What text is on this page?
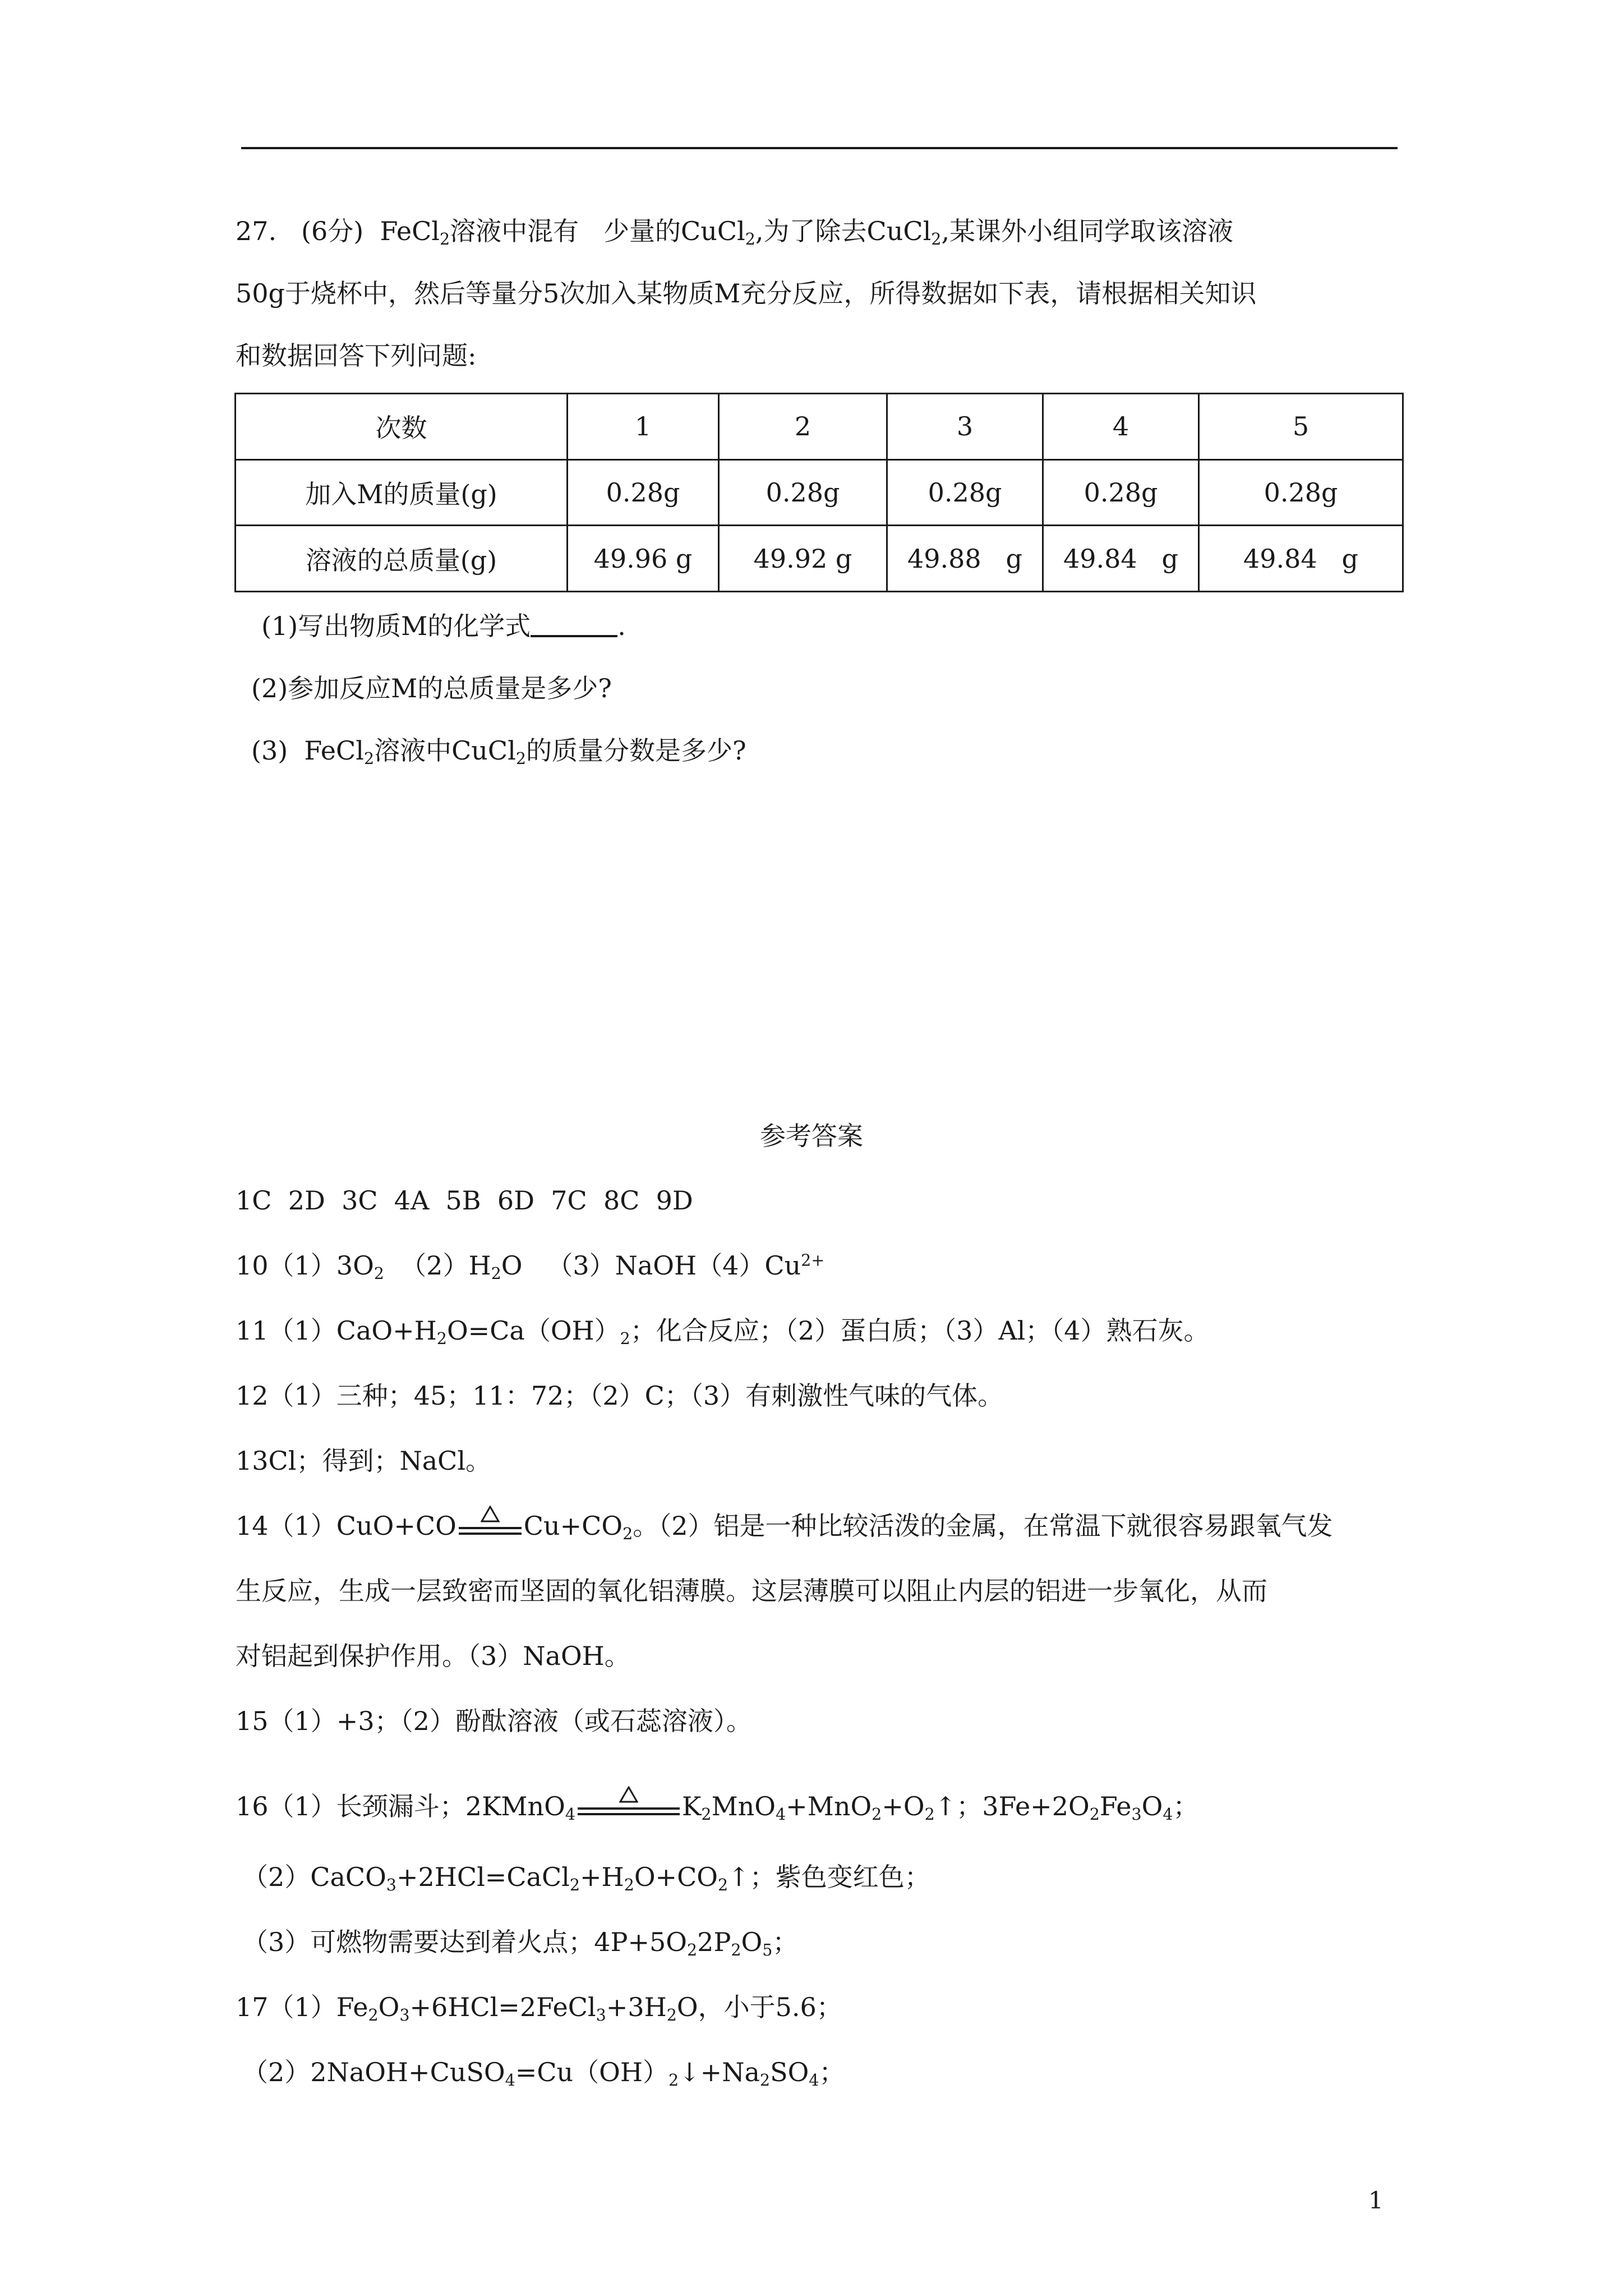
27. (6分) FeCl$_2$溶液中混有 少量的CuCl$_2$,为了除去CuCl$_2$,某课外小组同学取该溶液
50g于烧杯中，然后等量分5次加入某物质M充分反应，所得数据如下表，请根据相关知识
和数据回答下列问题:
次数	1	2	3	4	5
加入M的质量(g)	0.28g	0.28g	0.28g	0.28g	0.28g
溶液的总质量(g)	49.96 g	49.92 g	49.88   g	49.84   g	49.84   g
(1)写出物质M的化学式	.
(2)参加反应M的总质量是多少?
(3)  FeCl$_2$溶液中CuCl$_2$的质量分数是多少?
参考答案
1C  2D  3C  4A  5B  6D  7C  8C  9D
$10(1)3O_2$  $(2)H_2O$   $(3)NaOH(4)Cu^{2+}$
$11(1)CaO+H_2O=Ca(OH)_2$；化合反应；（2）蛋白质；（3）Al；（4）熟石灰。
12（1）三种；45；11：72；（2）C；（3）有刺激性气味的气体。
13Cl；得到；NaCl。
14（1）CuO+CO	$Cu+CO_2$。（2）铝是一种比较活泼的金属，在常温下就很容易跟氧气发
生反应，生成一层致密而坚固的氧化铝薄膜。这层薄膜可以阻止内层的铝进一步氧化，从而
对铝起到保护作用。（3）NaOH。
15（1）+3；（2）酚酞溶液（或石蕊溶液）。
16（1）长颈漏斗；2KMnO$_4$	$K_2MnO_4+MnO_2+O_2↑$；$3Fe+2O_2Fe_3O_4$；
$(2)CaCO_3+2HCl=CaCl_2+H_2O+CO_2↑$；紫色变红色；
（3）可燃物需要达到着火点；$4P+5O_22P_2O_5$；
$17(1)Fe_2O_3+6HCl=2FeCl_3+3H_2O$，小于5.6；
$(2)2NaOH+CuSO_4=Cu(OH)_2↓+Na_2SO_4$；
1
